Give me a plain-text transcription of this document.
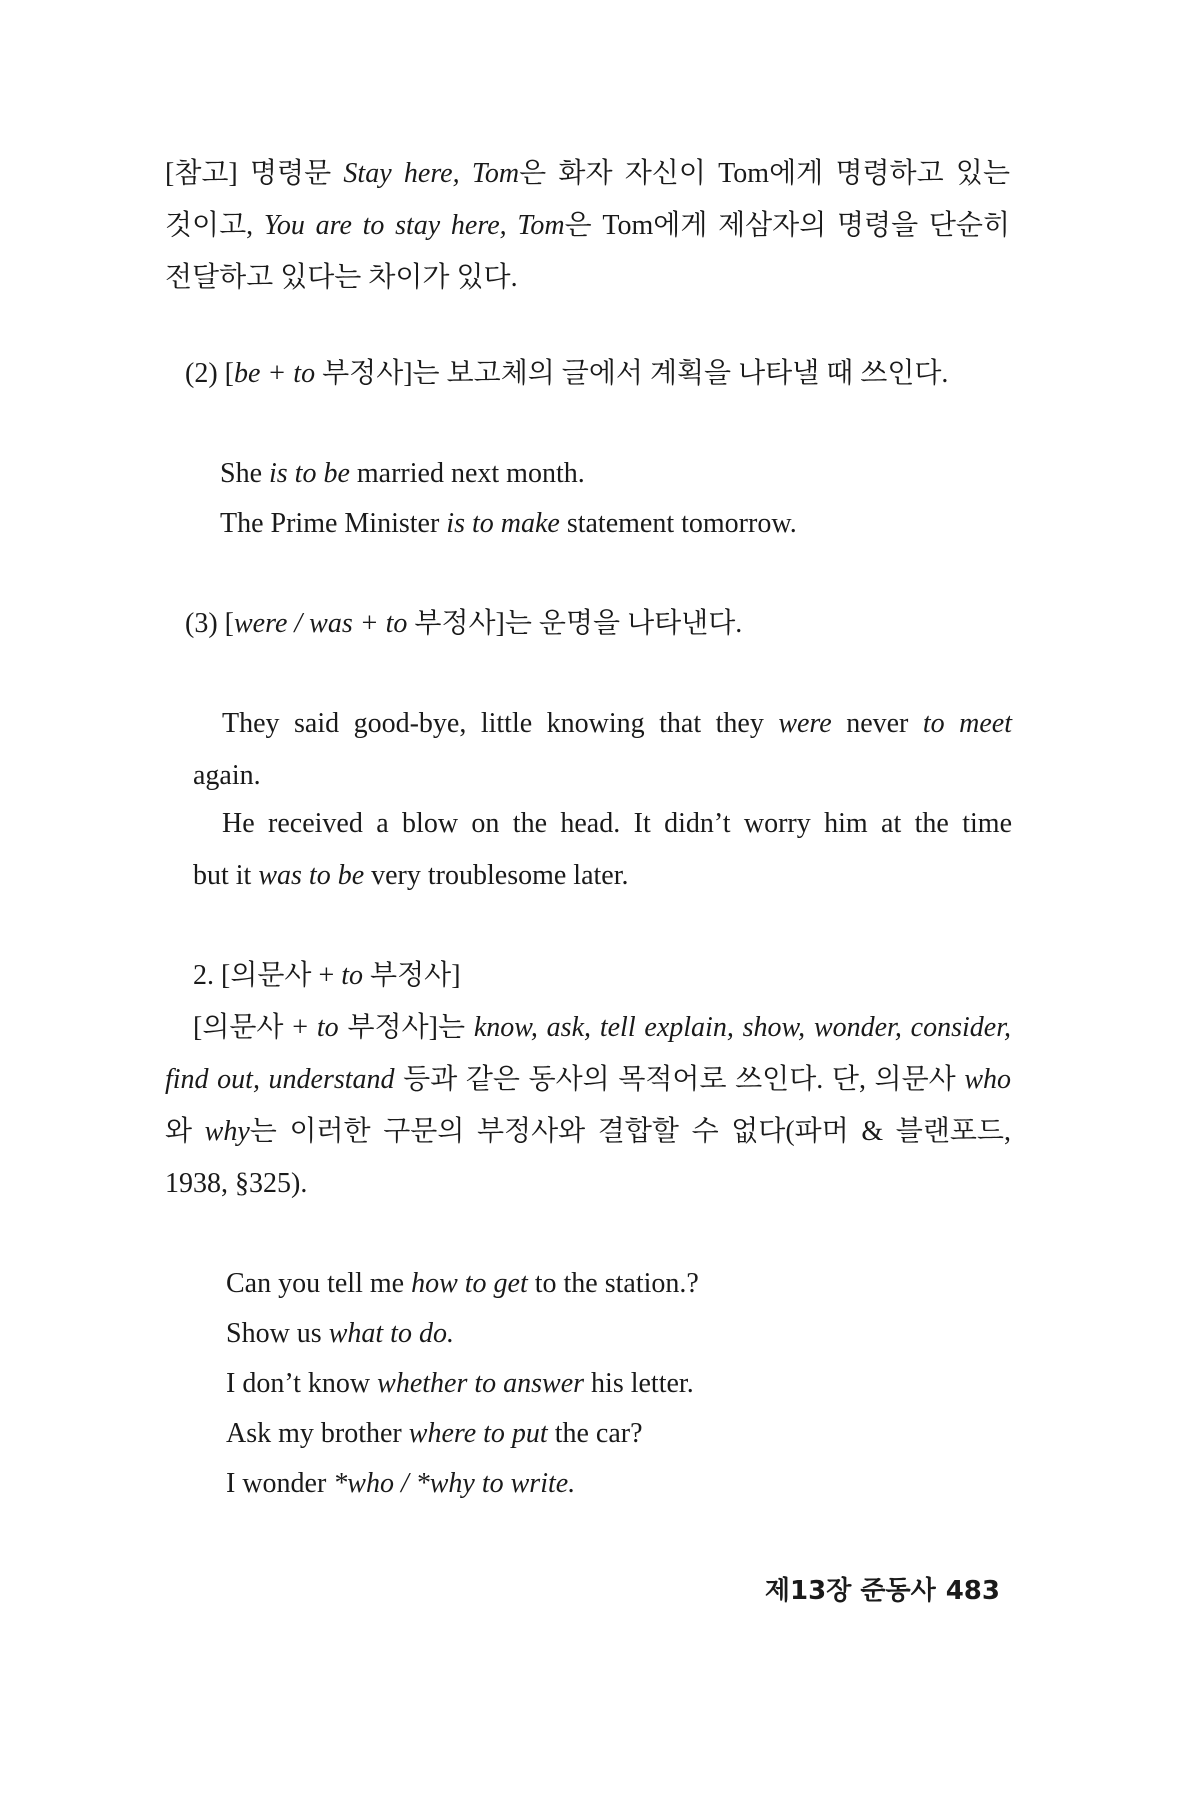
[참고] 명령문 Stay here, Tom은 화자 자신이 Tom에게 명령하고 있는
것이고, You are to stay here, Tom은 Tom에게 제삼자의 명령을 단순히
전달하고 있다는 차이가 있다.
(2) [be + to 부정사]는 보고체의 글에서 계획을 나타낼 때 쓰인다.
She is to be married next month.
The Prime Minister is to make statement tomorrow.
(3) [were / was + to 부정사]는 운명을 나타낸다.
They said good-bye, little knowing that they were never to meet
again.
He received a blow on the head. It didn’t worry him at the time
but it was to be very troublesome later.
2. [의문사 + to 부정사]
[의문사 + to 부정사]는 know, ask, tell explain, show, wonder, consider,
find out, understand 등과 같은 동사의 목적어로 쓰인다. 단, 의문사 who
와 why는 이러한 구문의 부정사와 결합할 수 없다(파머 & 블랜포드,
1938, §325).
Can you tell me how to get to the station.?
Show us what to do.
I don’t know whether to answer his letter.
Ask my brother where to put the car?
I wonder *who / *why to write.
제13장 준동사 483
